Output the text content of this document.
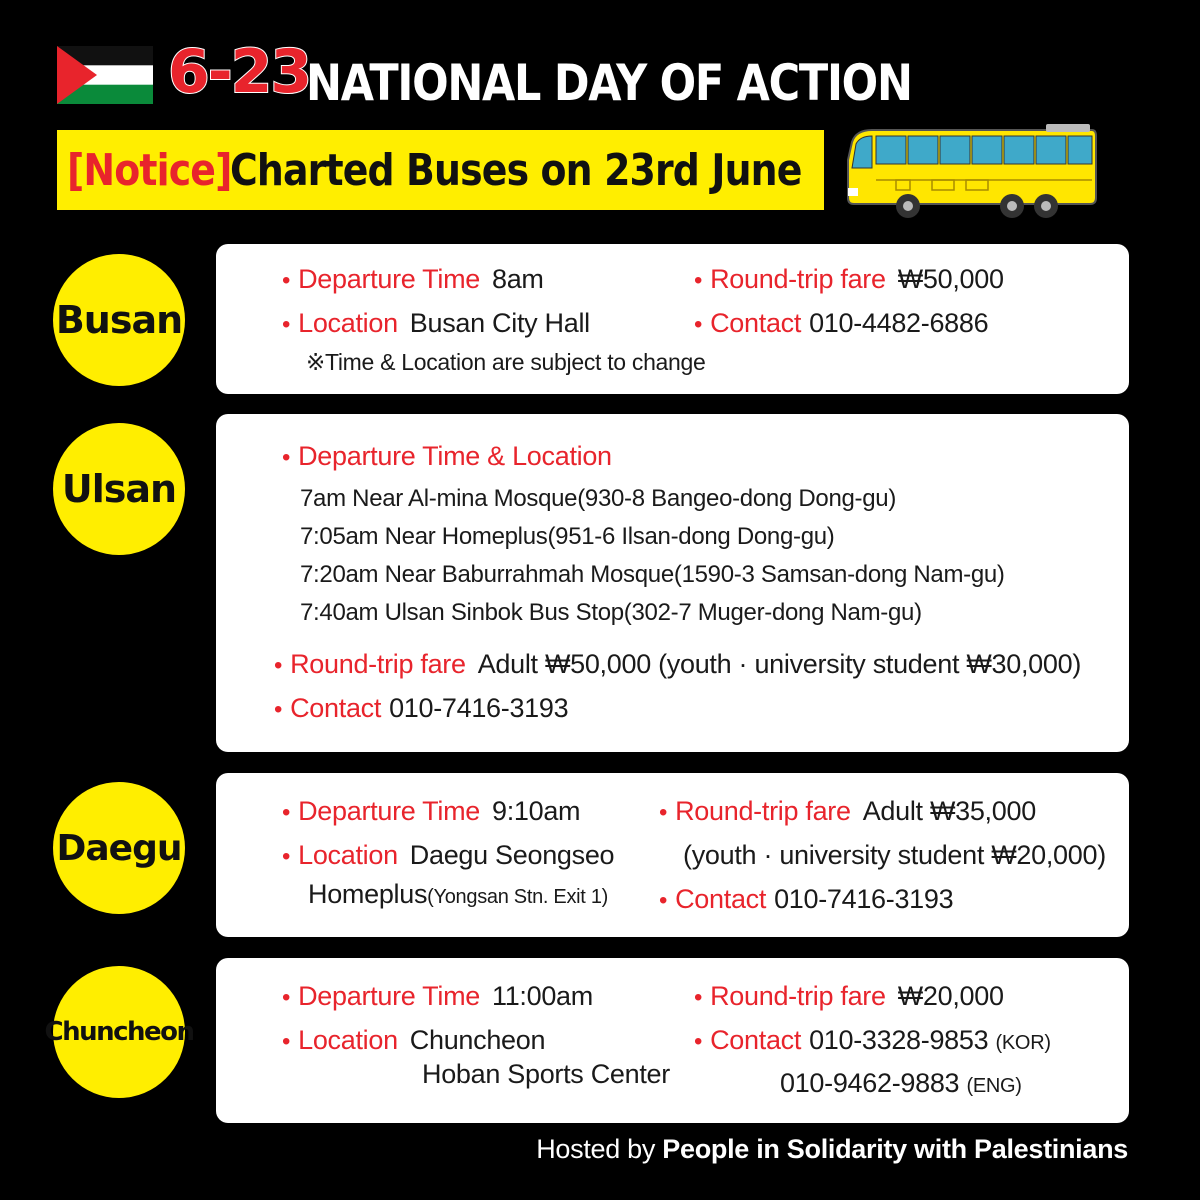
6-23
NATIONAL DAY OF ACTION
[Notice]
Charted Buses on 23rd June
Busan
• Departure Time 8am
• Location Busan City Hall
※Time & Location are subject to change
• Round-trip fare ₩50,000
• Contact 010-4482-6886
Ulsan
• Departure Time & Location
7am Near Al-mina Mosque(930-8 Bangeo-dong Dong-gu)
7:05am Near Homeplus(951-6 Ilsan-dong Dong-gu)
7:20am Near Baburrahmah Mosque(1590-3 Samsan-dong Nam-gu)
7:40am Ulsan Sinbok Bus Stop(302-7 Muger-dong Nam-gu)
• Round-trip fare Adult ₩50,000 (youth · university student ₩30,000)
• Contact 010-7416-3193
Daegu
• Departure Time 9:10am
• Location Daegu Seongseo
Homeplus(Yongsan Stn. Exit 1)
• Round-trip fare Adult ₩35,000
(youth · university student ₩20,000)
• Contact 010-7416-3193
Chuncheon
• Departure Time 11:00am
• Location Chuncheon
Hoban Sports Center
• Round-trip fare ₩20,000
• Contact 010-3328-9853 (KOR)
010-9462-9883 (ENG)
Hosted by People in Solidarity with Palestinians
